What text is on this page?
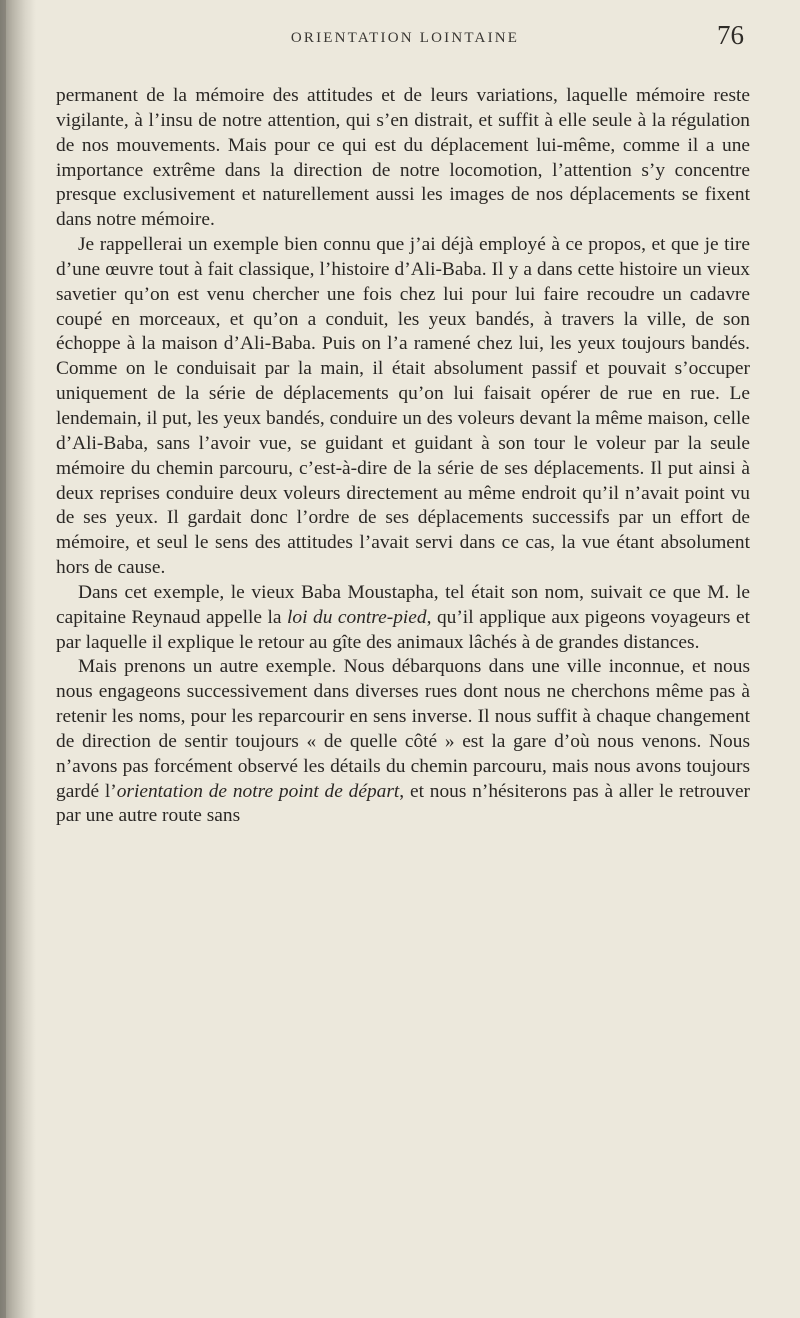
ORIENTATION LOINTAINE	76

permanent de la mémoire des attitudes et de leurs variations, laquelle mémoire reste vigilante, à l’insu de notre attention, qui s’en distrait, et suffit à elle seule à la régulation de nos mouvements. Mais pour ce qui est du déplacement lui-même, comme il a une importance extrême dans la direction de notre locomotion, l’attention s’y concentre presque exclusivement et naturellement aussi les images de nos déplacements se fixent dans notre mémoire.

Je rappellerai un exemple bien connu que j’ai déjà employé à ce propos, et que je tire d’une œuvre tout à fait classique, l’histoire d’Ali-Baba. Il y a dans cette histoire un vieux savetier qu’on est venu chercher une fois chez lui pour lui faire recoudre un cadavre coupé en morceaux, et qu’on a conduit, les yeux bandés, à travers la ville, de son échoppe à la maison d’Ali-Baba. Puis on l’a ramené chez lui, les yeux toujours bandés. Comme on le conduisait par la main, il était absolument passif et pouvait s’occuper uniquement de la série de déplacements qu’on lui faisait opérer de rue en rue. Le lendemain, il put, les yeux bandés, conduire un des voleurs devant la même maison, celle d’Ali-Baba, sans l’avoir vue, se guidant et guidant à son tour le voleur par la seule mémoire du chemin parcouru, c’est-à-dire de la série de ses déplacements. Il put ainsi à deux reprises conduire deux voleurs directement au même endroit qu’il n’avait point vu de ses yeux. Il gardait donc l’ordre de ses déplacements successifs par un effort de mémoire, et seul le sens des attitudes l’avait servi dans ce cas, la vue étant absolument hors de cause.

Dans cet exemple, le vieux Baba Moustapha, tel était son nom, suivait ce que M. le capitaine Reynaud appelle la loi du contre-pied, qu’il applique aux pigeons voyageurs et par laquelle il explique le retour au gîte des animaux lâchés à de grandes distances.

Mais prenons un autre exemple. Nous débarquons dans une ville inconnue, et nous nous engageons successivement dans diverses rues dont nous ne cherchons même pas à retenir les noms, pour les reparcourir en sens inverse. Il nous suffit à chaque changement de direction de sentir toujours « de quelle côté » est la gare d’où nous venons. Nous n’avons pas forcément observé les détails du chemin parcouru, mais nous avons toujours gardé l’orientation de notre point de départ, et nous n’hésiterons pas à aller le retrouver par une autre route sans
